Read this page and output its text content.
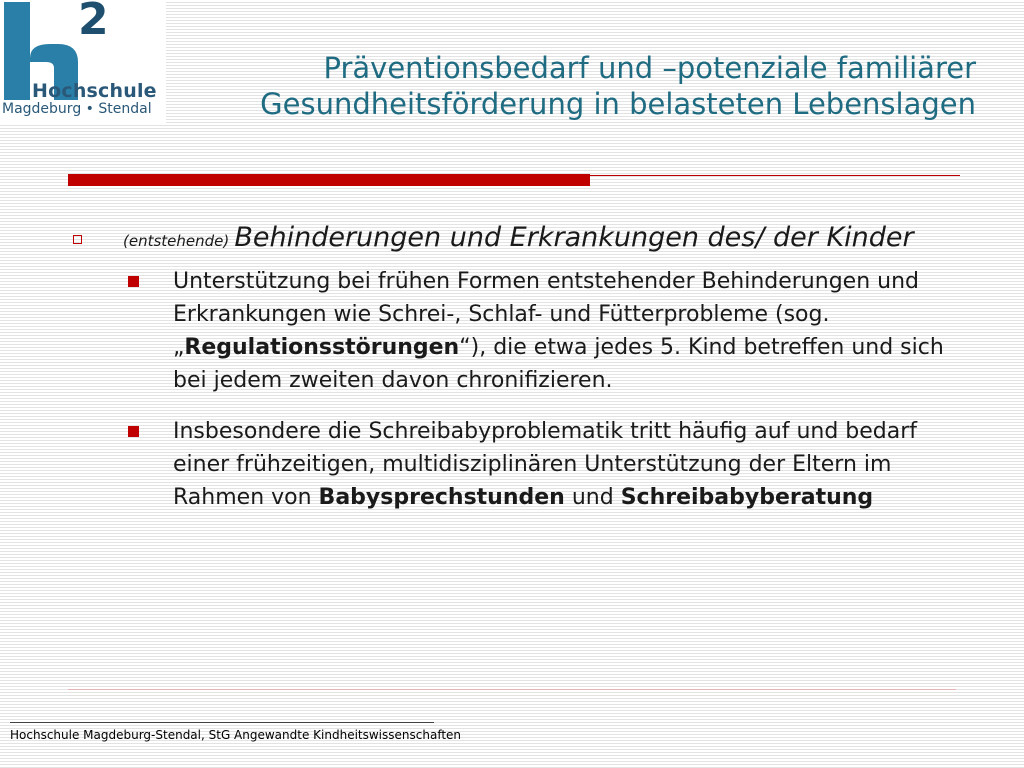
2
Hochschule
Magdeburg • Stendal
Präventionsbedarf und –potenziale familiärer
Gesundheitsförderung in belasteten Lebenslagen
(entstehende) Behinderungen und Erkrankungen des/ der Kinder
Unterstützung bei frühen Formen entstehender Behinderungen und Erkrankungen wie Schrei-, Schlaf- und Fütterprobleme (sog. „Regulationsstörungen“), die etwa jedes 5. Kind betreffen und sich bei jedem zweiten davon chronifizieren.
Insbesondere die Schreibabyproblematik tritt häufig auf und bedarf einer frühzeitigen, multidisziplinären Unterstützung der Eltern im Rahmen von Babysprechstunden und Schreibabyberatung
Hochschule Magdeburg-Stendal, StG Angewandte Kindheitswissenschaften
